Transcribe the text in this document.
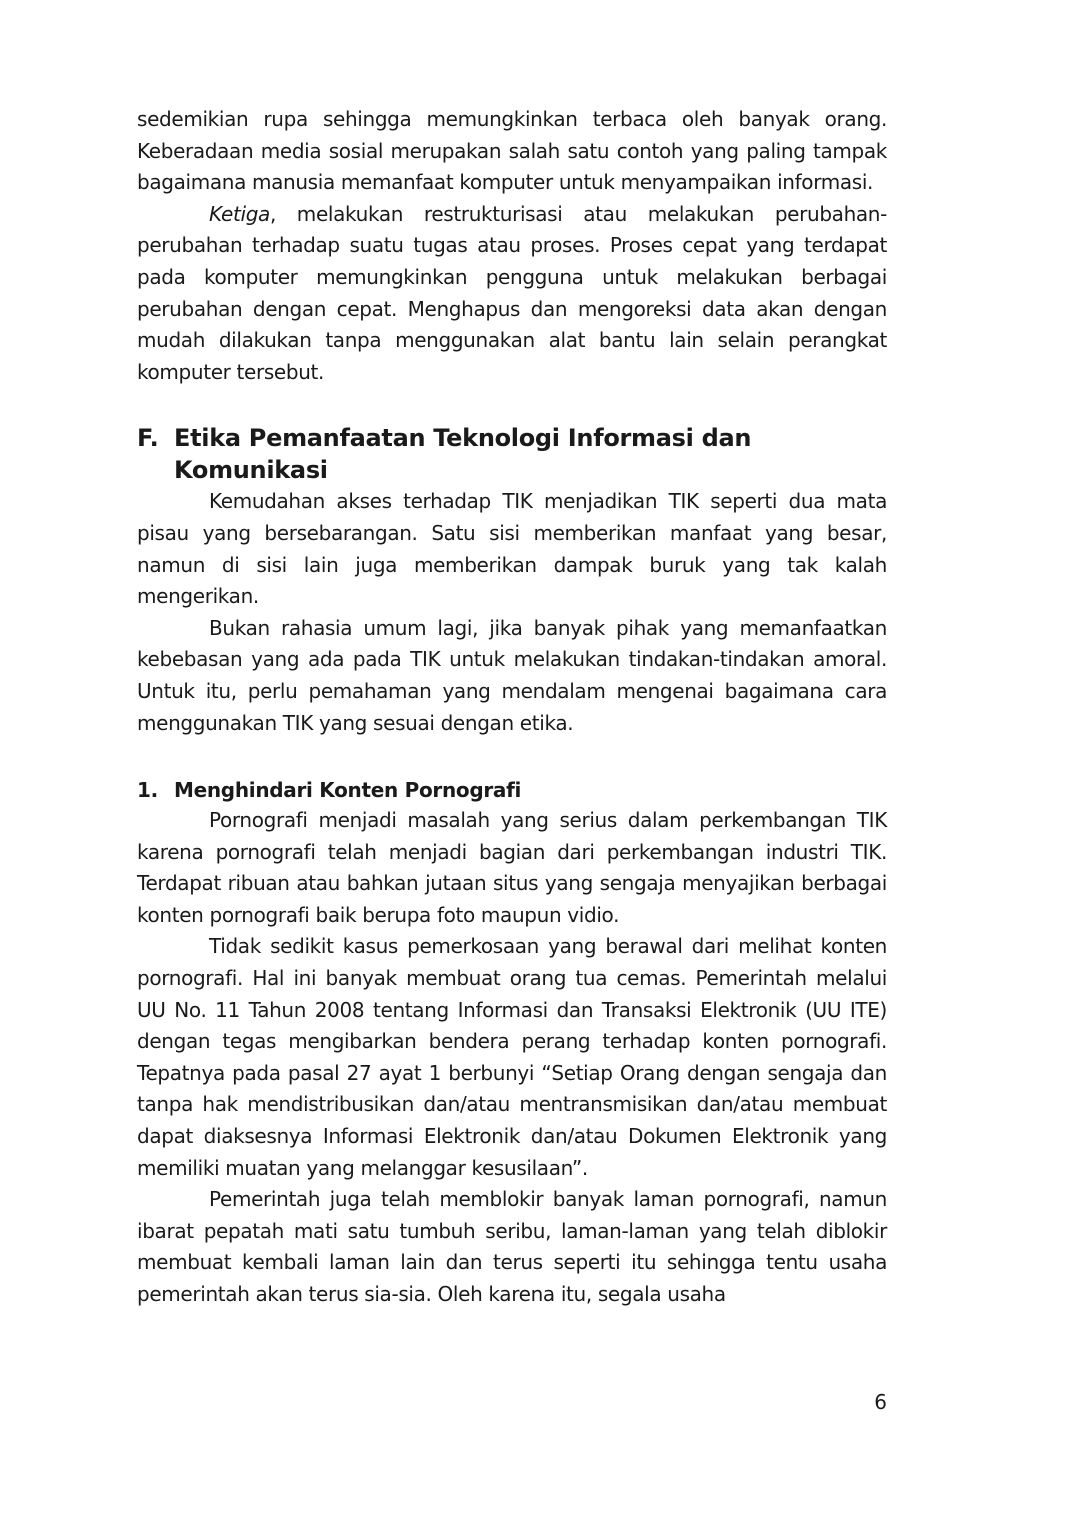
sedemikian rupa sehingga memungkinkan terbaca oleh banyak orang. Keberadaan media sosial merupakan salah satu contoh yang paling tampak bagaimana manusia memanfaat komputer untuk menyampaikan informasi.

Ketiga, melakukan restrukturisasi atau melakukan perubahan-perubahan terhadap suatu tugas atau proses. Proses cepat yang terdapat pada komputer memungkinkan pengguna untuk melakukan berbagai perubahan dengan cepat. Menghapus dan mengoreksi data akan dengan mudah dilakukan tanpa menggunakan alat bantu lain selain perangkat komputer tersebut.

F. Etika Pemanfaatan Teknologi Informasi dan Komunikasi

Kemudahan akses terhadap TIK menjadikan TIK seperti dua mata pisau yang bersebarangan. Satu sisi memberikan manfaat yang besar, namun di sisi lain juga memberikan dampak buruk yang tak kalah mengerikan.

Bukan rahasia umum lagi, jika banyak pihak yang memanfaatkan kebebasan yang ada pada TIK untuk melakukan tindakan-tindakan amoral. Untuk itu, perlu pemahaman yang mendalam mengenai bagaimana cara menggunakan TIK yang sesuai dengan etika.

1. Menghindari Konten Pornografi

Pornografi menjadi masalah yang serius dalam perkembangan TIK karena pornografi telah menjadi bagian dari perkembangan industri TIK. Terdapat ribuan atau bahkan jutaan situs yang sengaja menyajikan berbagai konten pornografi baik berupa foto maupun vidio.

Tidak sedikit kasus pemerkosaan yang berawal dari melihat konten pornografi. Hal ini banyak membuat orang tua cemas. Pemerintah melalui UU No. 11 Tahun 2008 tentang Informasi dan Transaksi Elektronik (UU ITE) dengan tegas mengibarkan bendera perang terhadap konten pornografi. Tepatnya pada pasal 27 ayat 1 berbunyi “Setiap Orang dengan sengaja dan tanpa hak mendistribusikan dan/atau mentransmisikan dan/atau membuat dapat diaksesnya Informasi Elektronik dan/atau Dokumen Elektronik yang memiliki muatan yang melanggar kesusilaan”.

Pemerintah juga telah memblokir banyak laman pornografi, namun ibarat pepatah mati satu tumbuh seribu, laman-laman yang telah diblokir membuat kembali laman lain dan terus seperti itu sehingga tentu usaha pemerintah akan terus sia-sia. Oleh karena itu, segala usaha

6
